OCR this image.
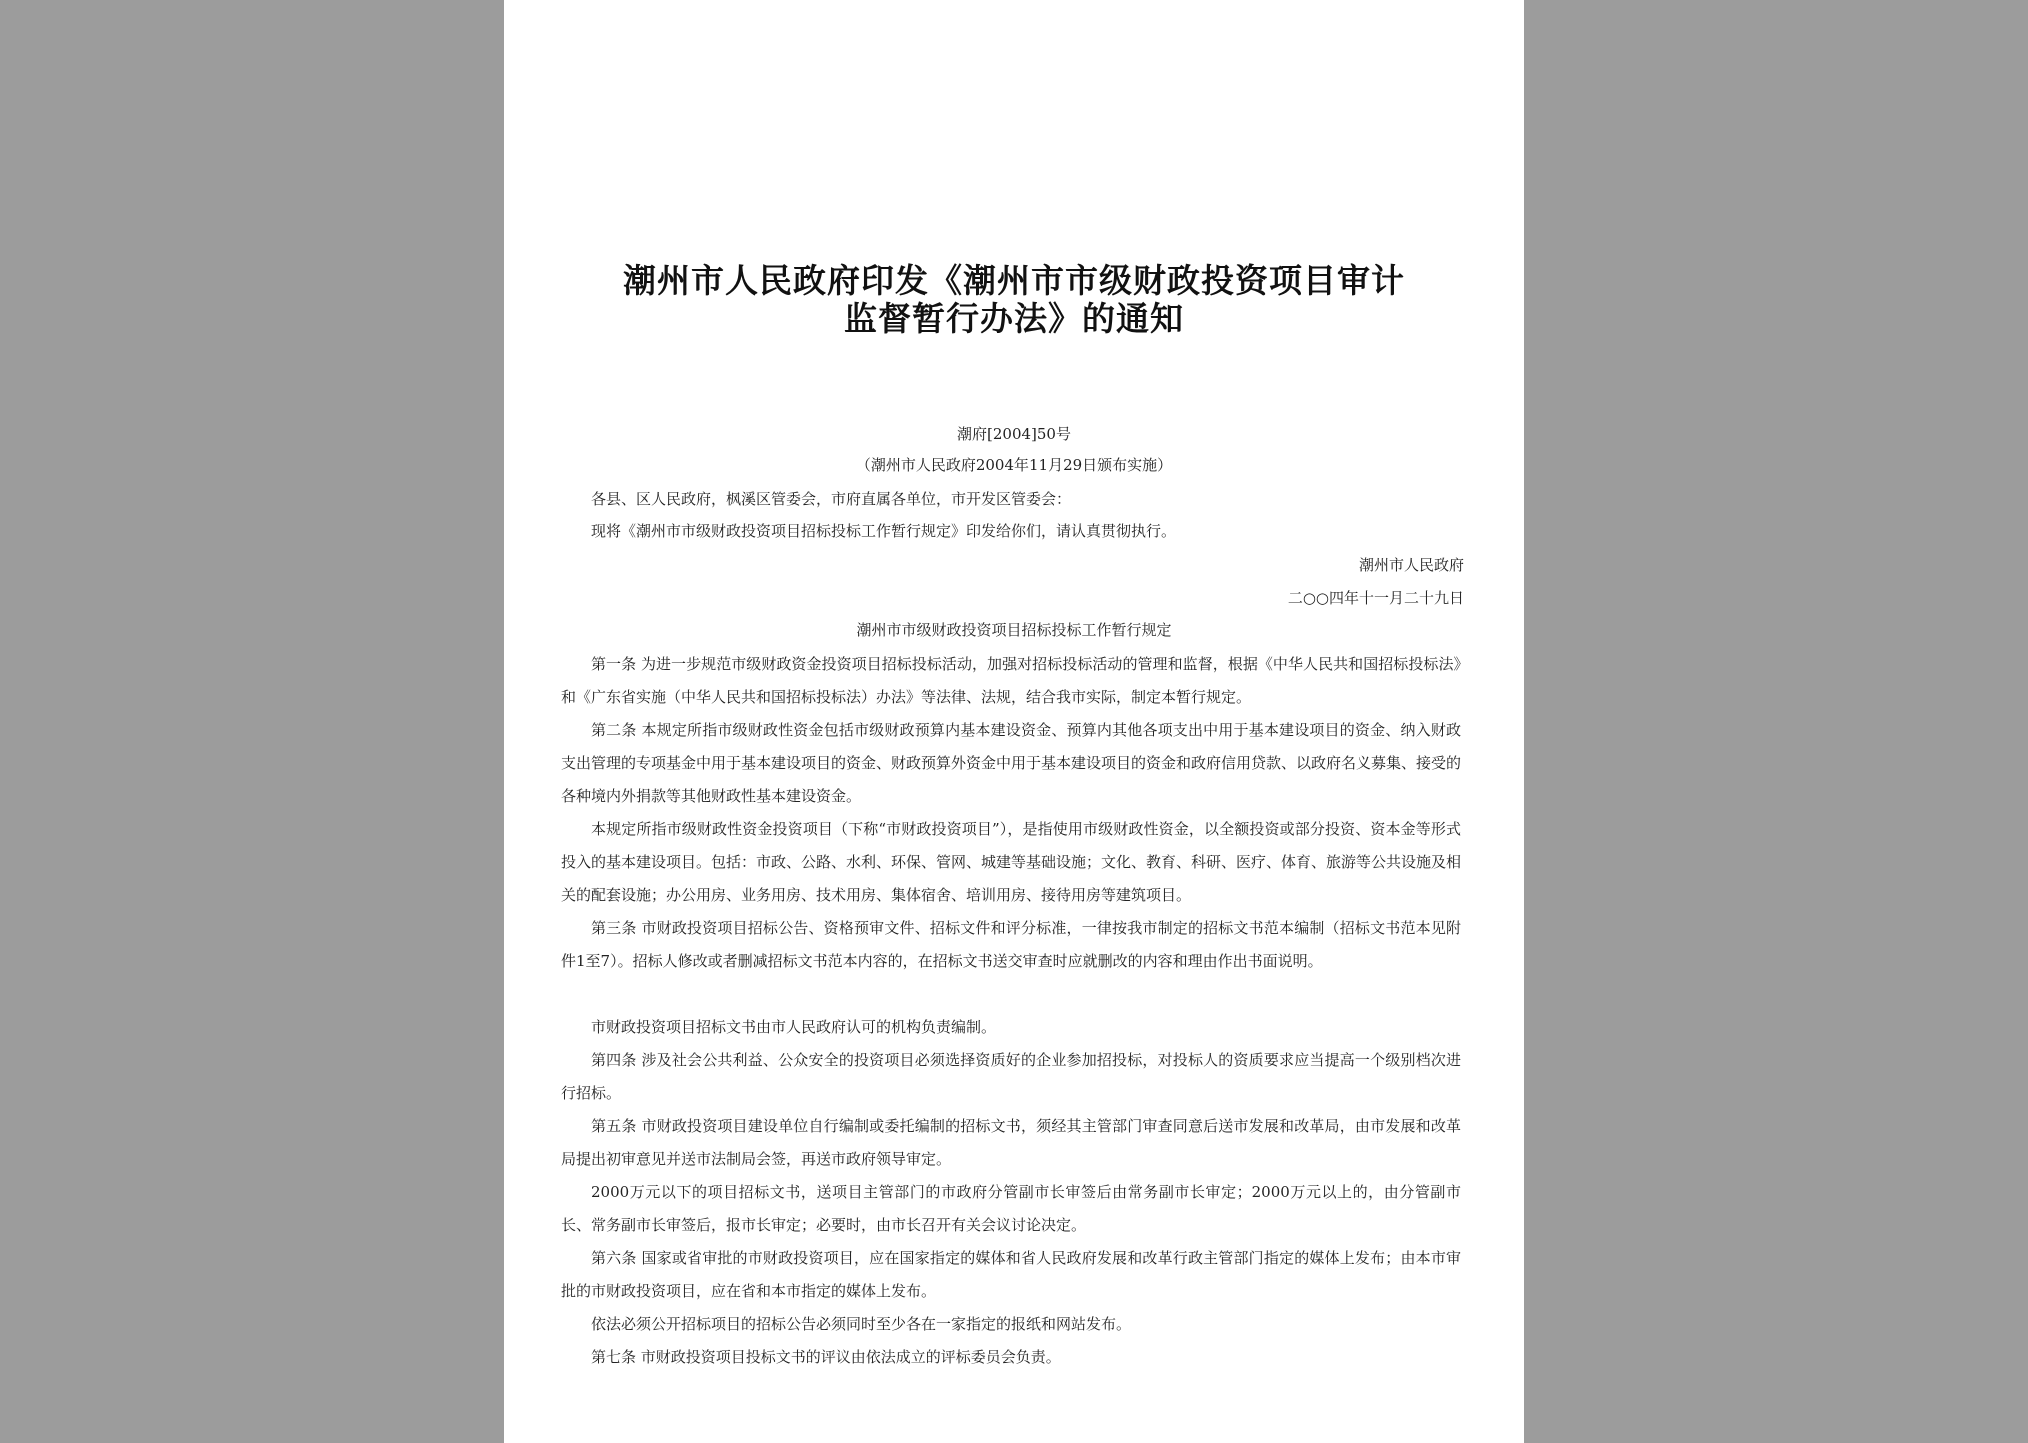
潮州市人民政府印发《潮州市市级财政投资项目审计
监督暂行办法》的通知
潮府[2004]50号
（潮州市人民政府2004年11月29日颁布实施）
各县、区人民政府，枫溪区管委会，市府直属各单位，市开发区管委会：
现将《潮州市市级财政投资项目招标投标工作暂行规定》印发给你们，请认真贯彻执行。
潮州市人民政府
二○○四年十一月二十九日
潮州市市级财政投资项目招标投标工作暂行规定
第一条 为进一步规范市级财政资金投资项目招标投标活动，加强对招标投标活动的管理和监督，根据《中华人民共和国招标投标法》和《广东省实施（中华人民共和国招标投标法）办法》等法律、法规，结合我市实际，制定本暂行规定。
第二条 本规定所指市级财政性资金包括市级财政预算内基本建设资金、预算内其他各项支出中用于基本建设项目的资金、纳入财政支出管理的专项基金中用于基本建设项目的资金、财政预算外资金中用于基本建设项目的资金和政府信用贷款、以政府名义募集、接受的各种境内外捐款等其他财政性基本建设资金。
本规定所指市级财政性资金投资项目（下称“市财政投资项目”），是指使用市级财政性资金，以全额投资或部分投资、资本金等形式投入的基本建设项目。包括：市政、公路、水利、环保、管网、城建等基础设施；文化、教育、科研、医疗、体育、旅游等公共设施及相关的配套设施；办公用房、业务用房、技术用房、集体宿舍、培训用房、接待用房等建筑项目。
第三条 市财政投资项目招标公告、资格预审文件、招标文件和评分标准，一律按我市制定的招标文书范本编制（招标文书范本见附件1至7）。招标人修改或者删减招标文书范本内容的，在招标文书送交审查时应就删改的内容和理由作出书面说明。
市财政投资项目招标文书由市人民政府认可的机构负责编制。
第四条 涉及社会公共利益、公众安全的投资项目必须选择资质好的企业参加招投标，对投标人的资质要求应当提高一个级别档次进行招标。
第五条 市财政投资项目建设单位自行编制或委托编制的招标文书，须经其主管部门审查同意后送市发展和改革局，由市发展和改革局提出初审意见并送市法制局会签，再送市政府领导审定。
2000万元以下的项目招标文书，送项目主管部门的市政府分管副市长审签后由常务副市长审定；2000万元以上的，由分管副市长、常务副市长审签后，报市长审定；必要时，由市长召开有关会议讨论决定。
第六条 国家或省审批的市财政投资项目，应在国家指定的媒体和省人民政府发展和改革行政主管部门指定的媒体上发布；由本市审批的市财政投资项目，应在省和本市指定的媒体上发布。
依法必须公开招标项目的招标公告必须同时至少各在一家指定的报纸和网站发布。
第七条 市财政投资项目投标文书的评议由依法成立的评标委员会负责。
